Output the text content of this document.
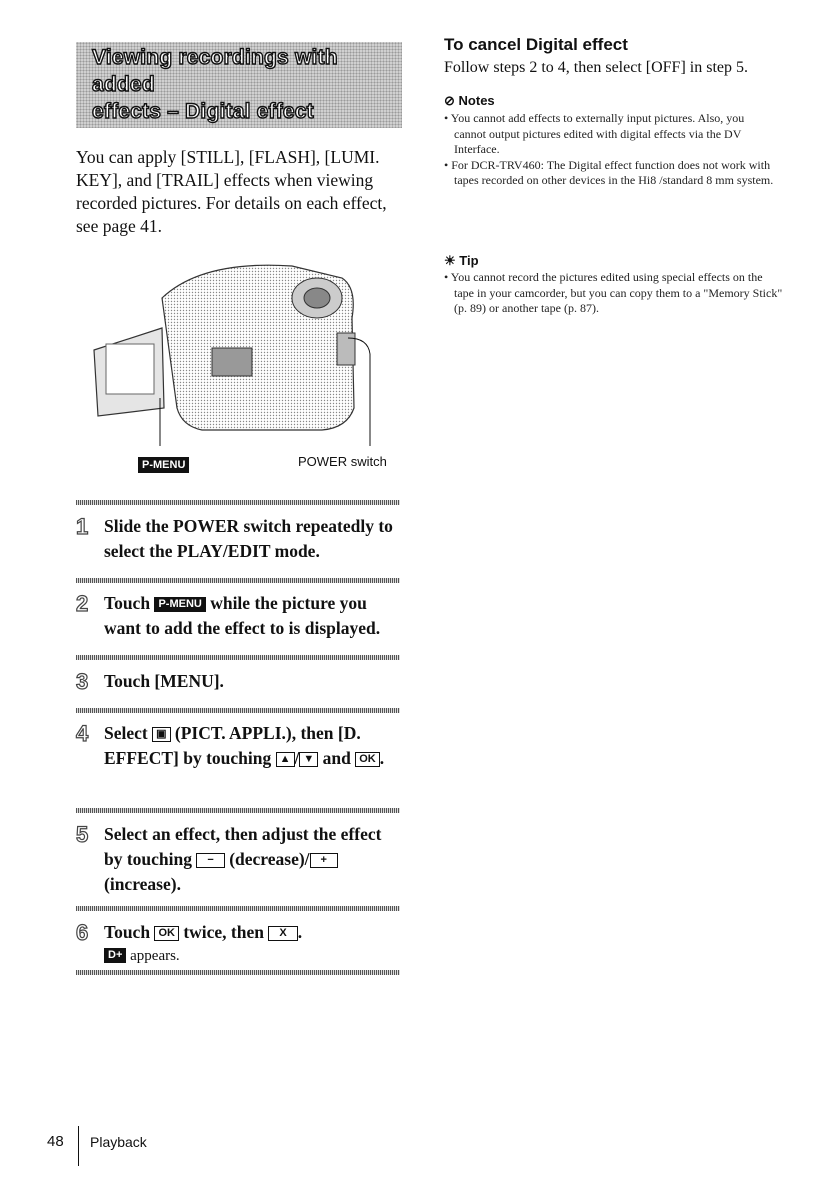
Viewing recordings with added
effects – Digital effect
You can apply [STILL], [FLASH], [LUMI. KEY], and [TRAIL] effects when viewing recorded pictures. For details on each effect, see page 41.
P-MENU	POWER switch
1 Slide the POWER switch repeatedly to select the PLAY/EDIT mode.
2 Touch P-MENU while the picture you want to add the effect to is displayed.
3 Touch [MENU].
4 Select ▣ (PICT. APPLI.), then [D. EFFECT] by touching ▲ / ▼ and OK .
5 Select an effect, then adjust the effect by touching − (decrease)/ + (increase).
6 Touch OK twice, then X .
D+ appears.
To cancel Digital effect
Follow steps 2 to 4, then select [OFF] in step 5.
⊘ Notes
• You cannot add effects to externally input pictures. Also, you cannot output pictures edited with digital effects via the DV Interface.
• For DCR-TRV460: The Digital effect function does not work with tapes recorded on other devices in the Hi8 /standard 8 mm system.
☀ Tip
• You cannot record the pictures edited using special effects on the tape in your camcorder, but you can copy them to a "Memory Stick" (p. 89) or another tape (p. 87).
48 Playback
